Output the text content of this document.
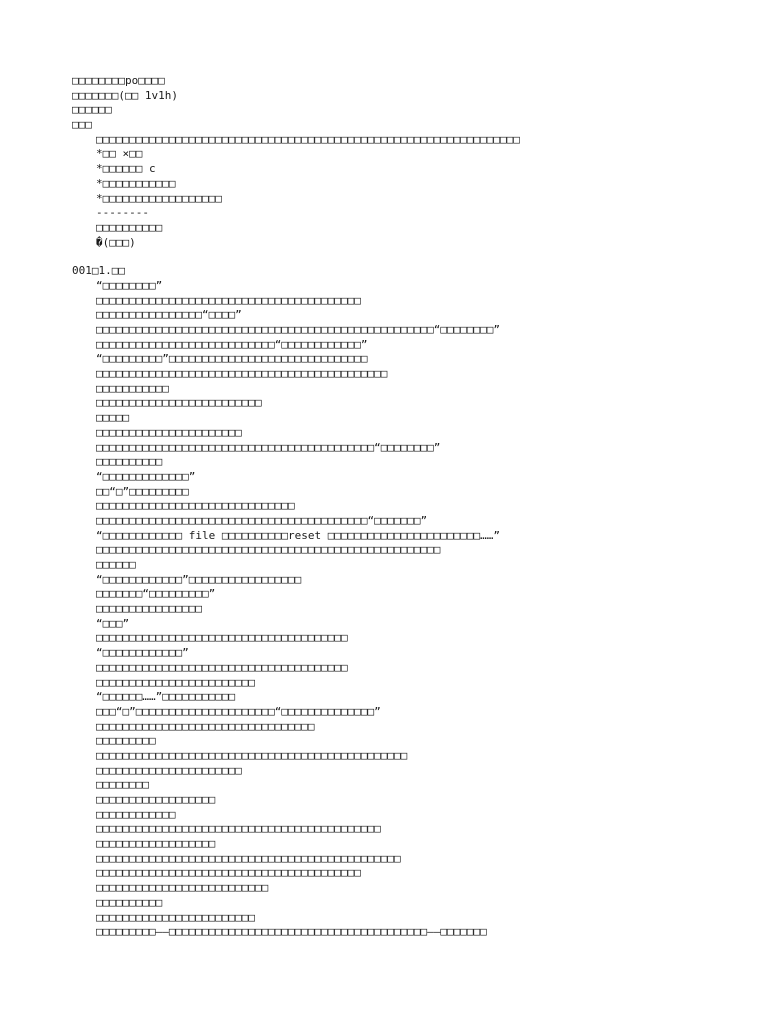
□□□□□□□□po□□□□
□□□□□□□(□□ 1v1h)
□□□□□□
□□□
□□□□□□□□□□□□□□□□□□□□□□□□□□□□□□□□□□□□□□□□□□□□□□□□□□□□□□□□□□□□□□□□
*□□ ×□□
*□□□□□□ c
*□□□□□□□□□□□
*□□□□□□□□□□□□□□□□□□
--------
□□□□□□□□□□
�(□□□)
001□1.□□
“□□□□□□□□”
□□□□□□□□□□□□□□□□□□□□□□□□□□□□□□□□□□□□□□□□
□□□□□□□□□□□□□□□□“□□□□”
□□□□□□□□□□□□□□□□□□□□□□□□□□□□□□□□□□□□□□□□□□□□□□□□□□□“□□□□□□□□”
□□□□□□□□□□□□□□□□□□□□□□□□□□□“□□□□□□□□□□□□”
“□□□□□□□□□”□□□□□□□□□□□□□□□□□□□□□□□□□□□□□□
□□□□□□□□□□□□□□□□□□□□□□□□□□□□□□□□□□□□□□□□□□□□
□□□□□□□□□□□
□□□□□□□□□□□□□□□□□□□□□□□□□
□□□□□
□□□□□□□□□□□□□□□□□□□□□□
□□□□□□□□□□□□□□□□□□□□□□□□□□□□□□□□□□□□□□□□□□“□□□□□□□□”
□□□□□□□□□□
“□□□□□□□□□□□□□”
□□“□”□□□□□□□□□
□□□□□□□□□□□□□□□□□□□□□□□□□□□□□□
□□□□□□□□□□□□□□□□□□□□□□□□□□□□□□□□□□□□□□□□□“□□□□□□□”
“□□□□□□□□□□□□ file □□□□□□□□□□reset □□□□□□□□□□□□□□□□□□□□□□□……”
□□□□□□□□□□□□□□□□□□□□□□□□□□□□□□□□□□□□□□□□□□□□□□□□□□□□
□□□□□□
“□□□□□□□□□□□□”□□□□□□□□□□□□□□□□□
□□□□□□□“□□□□□□□□□”
□□□□□□□□□□□□□□□□
“□□□”
□□□□□□□□□□□□□□□□□□□□□□□□□□□□□□□□□□□□□□
“□□□□□□□□□□□□”
□□□□□□□□□□□□□□□□□□□□□□□□□□□□□□□□□□□□□□
□□□□□□□□□□□□□□□□□□□□□□□□
“□□□□□□……”□□□□□□□□□□□
□□□“□”□□□□□□□□□□□□□□□□□□□□□“□□□□□□□□□□□□□□”
□□□□□□□□□□□□□□□□□□□□□□□□□□□□□□□□□
□□□□□□□□□
□□□□□□□□□□□□□□□□□□□□□□□□□□□□□□□□□□□□□□□□□□□□□□□
□□□□□□□□□□□□□□□□□□□□□□
□□□□□□□□
□□□□□□□□□□□□□□□□□□
□□□□□□□□□□□□
□□□□□□□□□□□□□□□□□□□□□□□□□□□□□□□□□□□□□□□□□□□
□□□□□□□□□□□□□□□□□□
□□□□□□□□□□□□□□□□□□□□□□□□□□□□□□□□□□□□□□□□□□□□□□
□□□□□□□□□□□□□□□□□□□□□□□□□□□□□□□□□□□□□□□□
□□□□□□□□□□□□□□□□□□□□□□□□□□
□□□□□□□□□□
□□□□□□□□□□□□□□□□□□□□□□□□
□□□□□□□□□——□□□□□□□□□□□□□□□□□□□□□□□□□□□□□□□□□□□□□□□——□□□□□□□
